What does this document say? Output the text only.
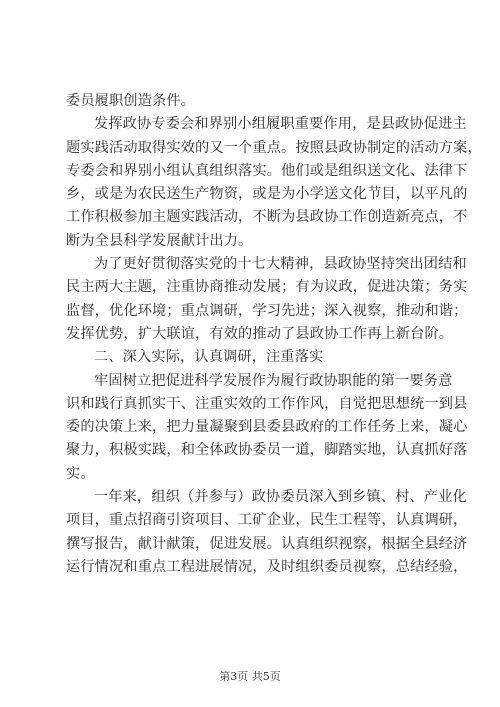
委员履职创造条件。
发挥政协专委会和界别小组履职重要作用，是县政协促进主
题实践活动取得实效的又一个重点。按照县政协制定的活动方案，
专委会和界别小组认真组织落实。他们或是组织送文化、法律下
乡，或是为农民送生产物资，或是为小学送文化节目，以平凡的
工作积极参加主题实践活动，不断为县政协工作创造新亮点，不
断为全县科学发展献计出力。
为了更好贯彻落实党的十七大精神，县政协坚持突出团结和
民主两大主题，注重协商推动发展；有为议政，促进决策；务实
监督，优化环境；重点调研，学习先进；深入视察，推动和谐；
发挥优势，扩大联谊，有效的推动了县政协工作再上新台阶。
二、深入实际，认真调研，注重落实
牢固树立把促进科学发展作为履行政协职能的第一要务意
识和践行真抓实干、注重实效的工作作风，自觉把思想统一到县
委的决策上来，把力量凝聚到县委县政府的工作任务上来，凝心
聚力，积极实践，和全体政协委员一道，脚踏实地，认真抓好落
实。
一年来，组织（并参与）政协委员深入到乡镇、村、产业化
项目，重点招商引资项目、工矿企业，民生工程等，认真调研，
撰写报告，献计献策，促进发展。认真组织视察，根据全县经济
运行情况和重点工程进展情况，及时组织委员视察，总结经验，
第3页 共5页
